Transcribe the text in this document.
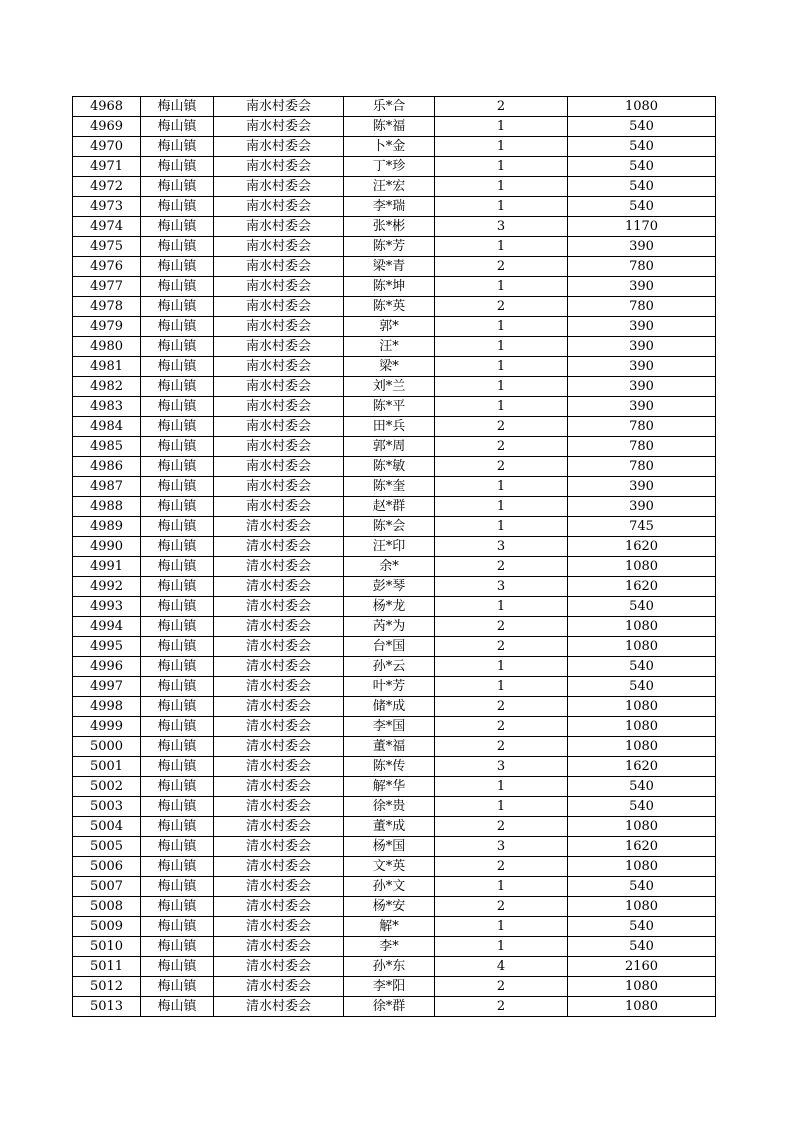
4968	梅山镇	南水村委会	乐*合	2	1080
4969	梅山镇	南水村委会	陈*福	1	540
4970	梅山镇	南水村委会	卜*金	1	540
4971	梅山镇	南水村委会	丁*珍	1	540
4972	梅山镇	南水村委会	汪*宏	1	540
4973	梅山镇	南水村委会	李*瑞	1	540
4974	梅山镇	南水村委会	张*彬	3	1170
4975	梅山镇	南水村委会	陈*芳	1	390
4976	梅山镇	南水村委会	梁*青	2	780
4977	梅山镇	南水村委会	陈*坤	1	390
4978	梅山镇	南水村委会	陈*英	2	780
4979	梅山镇	南水村委会	郭*	1	390
4980	梅山镇	南水村委会	汪*	1	390
4981	梅山镇	南水村委会	梁*	1	390
4982	梅山镇	南水村委会	刘*兰	1	390
4983	梅山镇	南水村委会	陈*平	1	390
4984	梅山镇	南水村委会	田*兵	2	780
4985	梅山镇	南水村委会	郭*周	2	780
4986	梅山镇	南水村委会	陈*敏	2	780
4987	梅山镇	南水村委会	陈*奎	1	390
4988	梅山镇	南水村委会	赵*群	1	390
4989	梅山镇	清水村委会	陈*会	1	745
4990	梅山镇	清水村委会	汪*印	3	1620
4991	梅山镇	清水村委会	余*	2	1080
4992	梅山镇	清水村委会	彭*琴	3	1620
4993	梅山镇	清水村委会	杨*龙	1	540
4994	梅山镇	清水村委会	芮*为	2	1080
4995	梅山镇	清水村委会	台*国	2	1080
4996	梅山镇	清水村委会	孙*云	1	540
4997	梅山镇	清水村委会	叶*芳	1	540
4998	梅山镇	清水村委会	储*成	2	1080
4999	梅山镇	清水村委会	李*国	2	1080
5000	梅山镇	清水村委会	董*福	2	1080
5001	梅山镇	清水村委会	陈*传	3	1620
5002	梅山镇	清水村委会	解*华	1	540
5003	梅山镇	清水村委会	徐*贵	1	540
5004	梅山镇	清水村委会	董*成	2	1080
5005	梅山镇	清水村委会	杨*国	3	1620
5006	梅山镇	清水村委会	文*英	2	1080
5007	梅山镇	清水村委会	孙*文	1	540
5008	梅山镇	清水村委会	杨*安	2	1080
5009	梅山镇	清水村委会	解*	1	540
5010	梅山镇	清水村委会	李*	1	540
5011	梅山镇	清水村委会	孙*东	4	2160
5012	梅山镇	清水村委会	李*阳	2	1080
5013	梅山镇	清水村委会	徐*群	2	1080
